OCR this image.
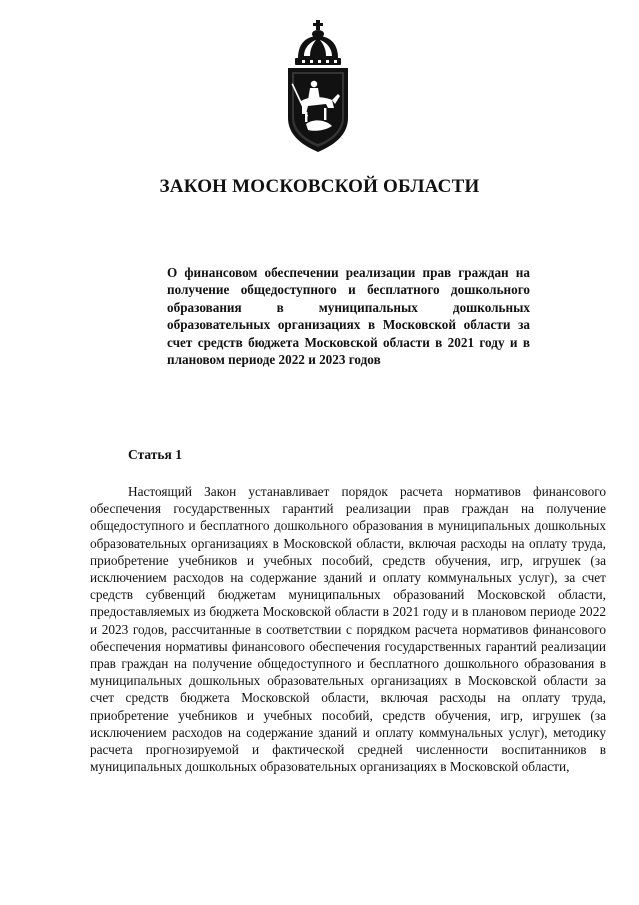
ЗАКОН МОСКОВСКОЙ ОБЛАСТИ
О финансовом обеспечении реализации прав граждан на получение общедоступного и бесплатного дошкольного образования в муниципальных дошкольных образовательных организациях в Московской области за счет средств бюджета Московской области в 2021 году и в плановом периоде 2022 и 2023 годов
Статья 1
Настоящий Закон устанавливает порядок расчета нормативов финансового обеспечения государственных гарантий реализации прав граждан на получение общедоступного и бесплатного дошкольного образования в муниципальных дошкольных образовательных организациях в Московской области, включая расходы на оплату труда, приобретение учебников и учебных пособий, средств обучения, игр, игрушек (за исключением расходов на содержание зданий и оплату коммунальных услуг), за счет средств субвенций бюджетам муниципальных образований Московской области, предоставляемых из бюджета Московской области в 2021 году и в плановом периоде 2022 и 2023 годов, рассчитанные в соответствии с порядком расчета нормативов финансового обеспечения нормативы финансового обеспечения государственных гарантий реализации прав граждан на получение общедоступного и бесплатного дошкольного образования в муниципальных дошкольных образовательных организациях в Московской области за счет средств бюджета Московской области, включая расходы на оплату труда, приобретение учебников и учебных пособий, средств обучения, игр, игрушек (за исключением расходов на содержание зданий и оплату коммунальных услуг), методику расчета прогнозируемой и фактической средней численности воспитанников в муниципальных дошкольных образовательных организациях в Московской области,
